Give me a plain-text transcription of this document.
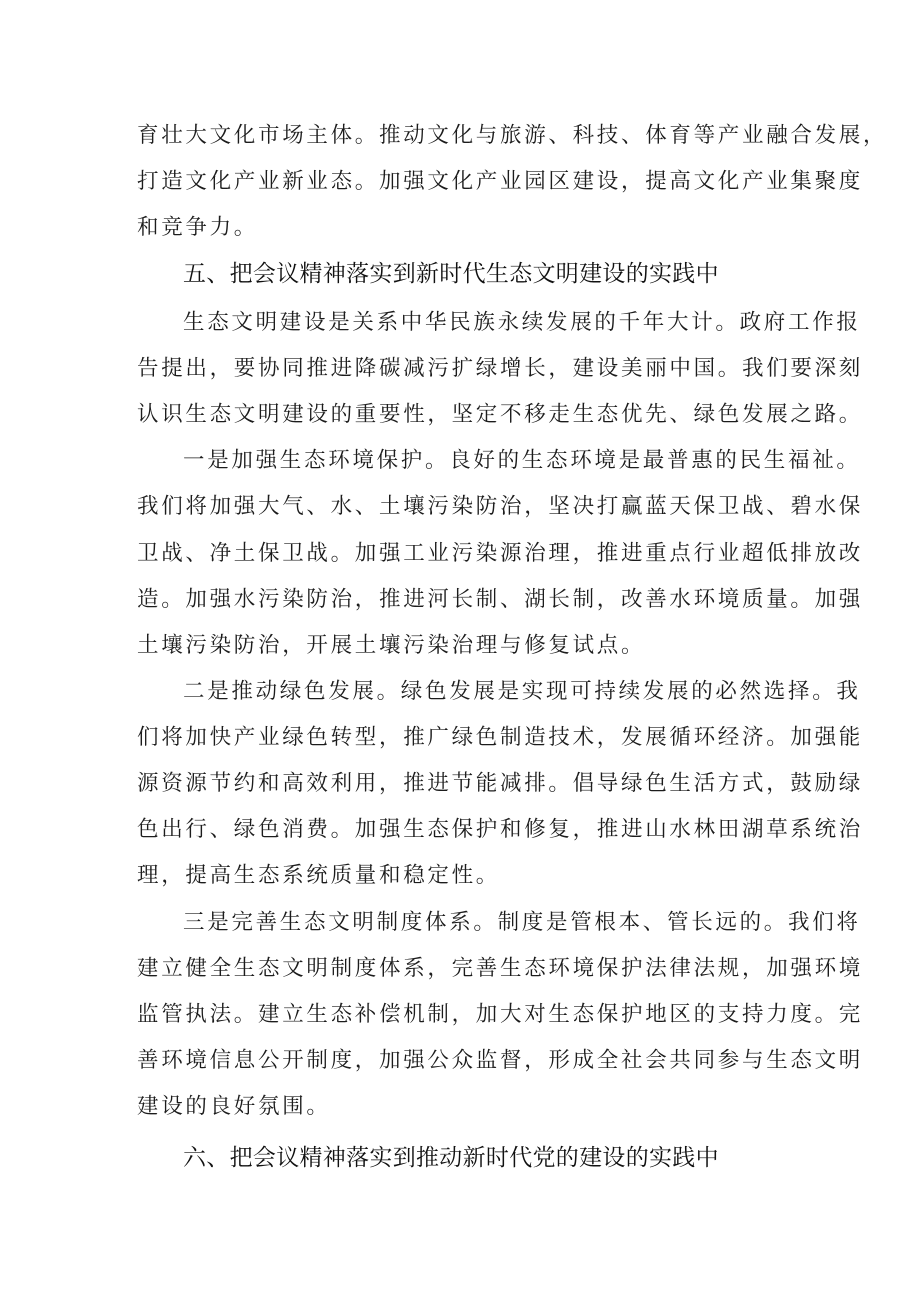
育壮大文化市场主体。推动文化与旅游、科技、体育等产业融合发展，
打造文化产业新业态。加强文化产业园区建设，提高文化产业集聚度
和竞争力。
五、把会议精神落实到新时代生态文明建设的实践中
生态文明建设是关系中华民族永续发展的千年大计。政府工作报
告提出，要协同推进降碳减污扩绿增长，建设美丽中国。我们要深刻
认识生态文明建设的重要性，坚定不移走生态优先、绿色发展之路。
一是加强生态环境保护。良好的生态环境是最普惠的民生福祉。
我们将加强大气、水、土壤污染防治，坚决打赢蓝天保卫战、碧水保
卫战、净土保卫战。加强工业污染源治理，推进重点行业超低排放改
造。加强水污染防治，推进河长制、湖长制，改善水环境质量。加强
土壤污染防治，开展土壤污染治理与修复试点。
二是推动绿色发展。绿色发展是实现可持续发展的必然选择。我
们将加快产业绿色转型，推广绿色制造技术，发展循环经济。加强能
源资源节约和高效利用，推进节能减排。倡导绿色生活方式，鼓励绿
色出行、绿色消费。加强生态保护和修复，推进山水林田湖草系统治
理，提高生态系统质量和稳定性。
三是完善生态文明制度体系。制度是管根本、管长远的。我们将
建立健全生态文明制度体系，完善生态环境保护法律法规，加强环境
监管执法。建立生态补偿机制，加大对生态保护地区的支持力度。完
善环境信息公开制度，加强公众监督，形成全社会共同参与生态文明
建设的良好氛围。
六、把会议精神落实到推动新时代党的建设的实践中
